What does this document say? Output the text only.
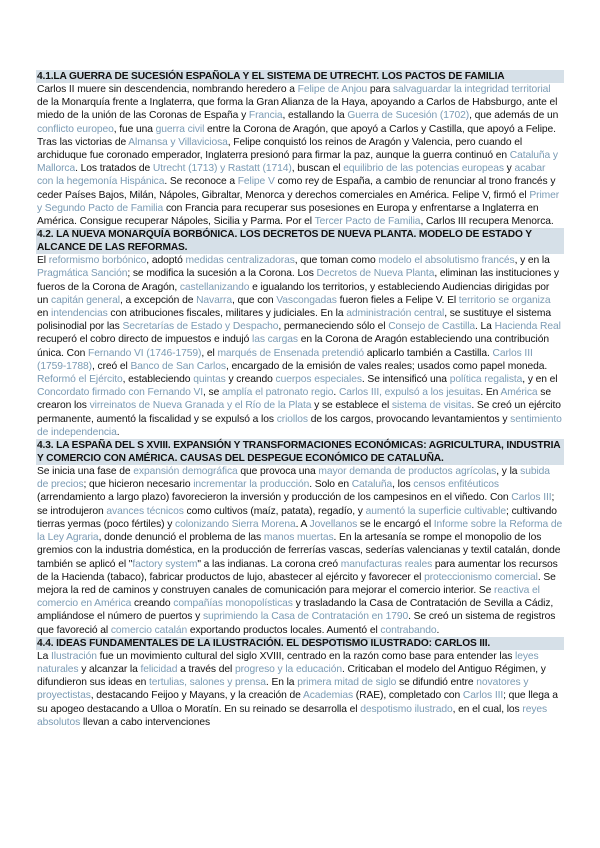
4.1.LA GUERRA DE SUCESIÓN ESPAÑOLA Y EL SISTEMA DE UTRECHT. LOS PACTOS DE FAMILIA
Carlos II muere sin descendencia, nombrando heredero a Felipe de Anjou para salvaguardar la integridad territorial de la Monarquía frente a Inglaterra, que forma la Gran Alianza de la Haya, apoyando a Carlos de Habsburgo, ante el miedo de la unión de las Coronas de España y Francia, estallando la Guerra de Sucesión (1702), que además de un conflicto europeo, fue una guerra civil entre la Corona de Aragón, que apoyó a Carlos y Castilla, que apoyó a Felipe. Tras las victorias de Almansa y Villaviciosa, Felipe conquistó los reinos de Aragón y Valencia, pero cuando el archiduque fue coronado emperador, Inglaterra presionó para firmar la paz, aunque la guerra continuó en Cataluña y Mallorca. Los tratados de Utrecht (1713) y Rastatt (1714), buscan el equilibrio de las potencias europeas y acabar con la hegemonía Hispánica. Se reconoce a Felipe V como rey de España, a cambio de renunciar al trono francés y ceder Países Bajos, Milán, Nápoles, Gibraltar, Menorca y derechos comerciales en América. Felipe V, firmó el Primer y Segundo Pacto de Familia con Francia para recuperar sus posesiones en Europa y enfrentarse a Inglaterra en América. Consigue recuperar Nápoles, Sicilia y Parma. Por el Tercer Pacto de Familia, Carlos III recupera Menorca.
4.2. LA NUEVA MONARQUÍA BORBÓNICA. LOS DECRETOS DE NUEVA PLANTA. MODELO DE ESTADO Y ALCANCE DE LAS REFORMAS.
El reformismo borbónico, adoptó medidas centralizadoras, que toman como modelo el absolutismo francés, y en la Pragmática Sanción; se modifica la sucesión a la Corona. Los Decretos de Nueva Planta, eliminan las instituciones y fueros de la Corona de Aragón, castellanizando e igualando los territorios, y estableciendo Audiencias dirigidas por un capitán general, a excepción de Navarra, que con Vascongadas fueron fieles a Felipe V. El territorio se organiza en intendencias con atribuciones fiscales, militares y judiciales. En la administración central, se sustituye el sistema polisinodial por las Secretarías de Estado y Despacho, permaneciendo sólo el Consejo de Castilla. La Hacienda Real recuperó el cobro directo de impuestos e indujó las cargas en la Corona de Aragón estableciendo una contribución única. Con Fernando VI (1746-1759), el marqués de Ensenada pretendió aplicarlo también a Castilla. Carlos III (1759-1788), creó el Banco de San Carlos, encargado de la emisión de vales reales; usados como papel moneda. Reformó el Ejército, estableciendo quintas y creando cuerpos especiales. Se intensificó una política regalista, y en el Concordato firmado con Fernando VI, se amplía el patronato regio. Carlos III, expulsó a los jesuitas. En América se crearon los virreinatos de Nueva Granada y el Río de la Plata y se establece el sistema de visitas. Se creó un ejército permanente, aumentó la fiscalidad y se expulsó a los criollos de los cargos, provocando levantamientos y sentimiento de independencia.
4.3. LA ESPAÑA DEL S XVIII. EXPANSIÓN Y TRANSFORMACIONES ECONÓMICAS: AGRICULTURA, INDUSTRIA Y COMERCIO CON AMÉRICA. CAUSAS DEL DESPEGUE ECONÓMICO DE CATALUÑA.
Se inicia una fase de expansión demográfica que provoca una mayor demanda de productos agrícolas, y la subida de precios; que hicieron necesario incrementar la producción. Solo en Cataluña, los censos enfitéuticos (arrendamiento a largo plazo) favorecieron la inversión y producción de los campesinos en el viñedo. Con Carlos III; se introdujeron avances técnicos como cultivos (maíz, patata), regadío, y aumentó la superficie cultivable; cultivando tierras yermas (poco fértiles) y colonizando Sierra Morena. A Jovellanos se le encargó el Informe sobre la Reforma de la Ley Agraria, donde denunció el problema de las manos muertas. En la artesanía se rompe el monopolio de los gremios con la industria doméstica, en la producción de ferrerías vascas, sederías valencianas y textil catalán, donde también se aplicó el "factory system" a las indianas. La corona creó manufacturas reales para aumentar los recursos de la Hacienda (tabaco), fabricar productos de lujo, abastecer al ejército y favorecer el proteccionismo comercial. Se mejora la red de caminos y construyen canales de comunicación para mejorar el comercio interior. Se reactiva el comercio en América creando compañías monopolísticas y trasladando la Casa de Contratación de Sevilla a Cádiz, ampliándose el número de puertos y suprimiendo la Casa de Contratación en 1790. Se creó un sistema de registros que favoreció al comercio catalán exportando productos locales. Aumentó el contrabando.
4.4. IDEAS FUNDAMENTALES DE LA ILUSTRACIÓN. EL DESPOTISMO ILUSTRADO: CARLOS III.
La Ilustración fue un movimiento cultural del siglo XVIII, centrado en la razón como base para entender las leyes naturales y alcanzar la felicidad a través del progreso y la educación. Criticaban el modelo del Antiguo Régimen, y difundieron sus ideas en tertulias, salones y prensa. En la primera mitad de siglo se difundió entre novatores y proyectistas, destacando Feijoo y Mayans, y la creación de Academias (RAE), completado con Carlos III; que llega a su apogeo destacando a Ulloa o Moratín. En su reinado se desarrolla el despotismo ilustrado, en el cual, los reyes absolutos llevan a cabo intervenciones
